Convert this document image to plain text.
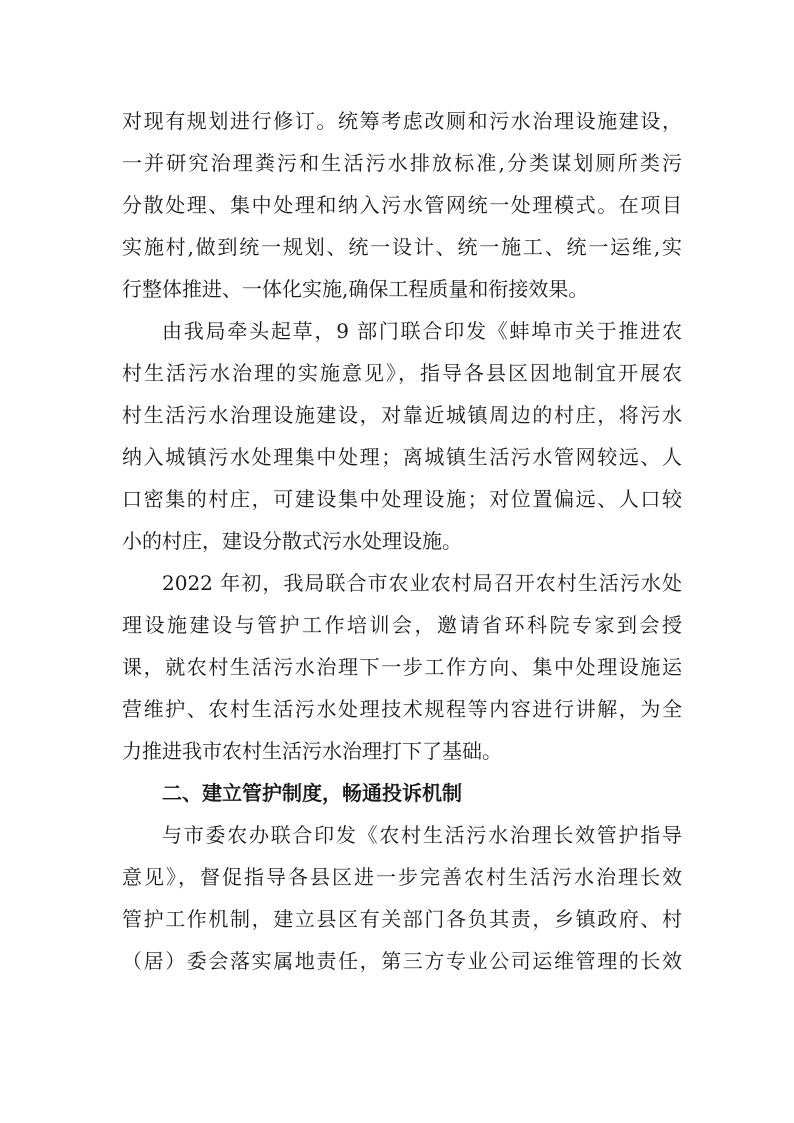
对现有规划进行修订。统筹考虑改厕和污水治理设施建设，
一并研究治理粪污和生活污水排放标准,分类谋划厕所类污
分散处理、集中处理和纳入污水管网统一处理模式。在项目
实施村,做到统一规划、统一设计、统一施工、统一运维,实
行整体推进、一体化实施,确保工程质量和衔接效果。
由我局牵头起草，9 部门联合印发《蚌埠市关于推进农
村生活污水治理的实施意见》，指导各县区因地制宜开展农
村生活污水治理设施建设，对靠近城镇周边的村庄，将污水
纳入城镇污水处理集中处理；离城镇生活污水管网较远、人
口密集的村庄，可建设集中处理设施；对位置偏远、人口较
小的村庄，建设分散式污水处理设施。
2022 年初，我局联合市农业农村局召开农村生活污水处
理设施建设与管护工作培训会，邀请省环科院专家到会授
课，就农村生活污水治理下一步工作方向、集中处理设施运
营维护、农村生活污水处理技术规程等内容进行讲解，为全
力推进我市农村生活污水治理打下了基础。
二、建立管护制度，畅通投诉机制
与市委农办联合印发《农村生活污水治理长效管护指导
意见》，督促指导各县区进一步完善农村生活污水治理长效
管护工作机制，建立县区有关部门各负其责，乡镇政府、村
（居）委会落实属地责任，第三方专业公司运维管理的长效
